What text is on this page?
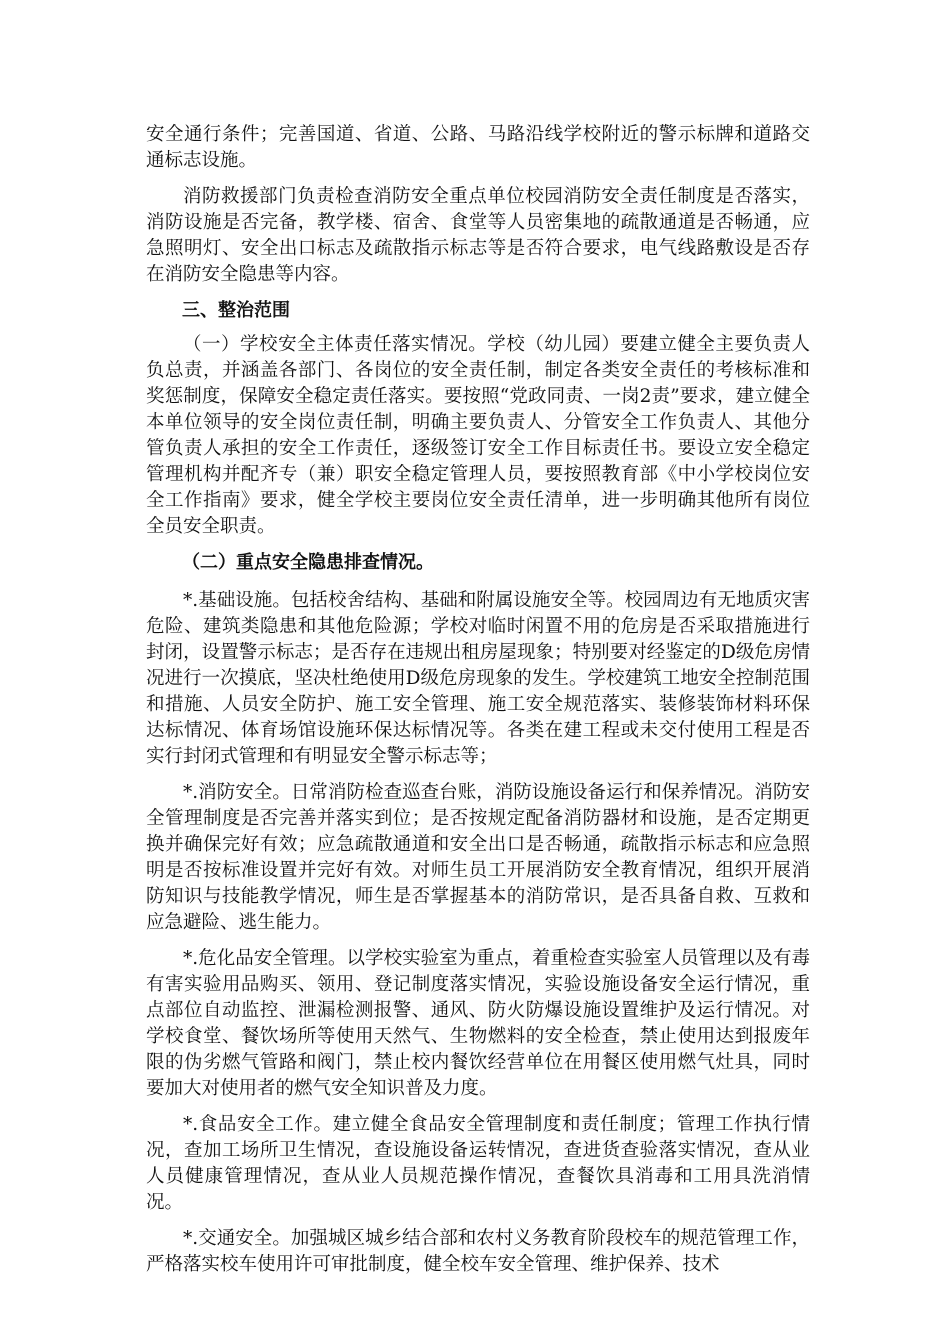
安全通行条件；完善国道、省道、公路、马路沿线学校附近的警示标牌和道路交通标志设施。

消防救援部门负责检查消防安全重点单位校园消防安全责任制度是否落实，消防设施是否完备，教学楼、宿舍、食堂等人员密集地的疏散通道是否畅通，应急照明灯、安全出口标志及疏散指示标志等是否符合要求，电气线路敷设是否存在消防安全隐患等内容。

三、整治范围

（一）学校安全主体责任落实情况。学校（幼儿园）要建立健全主要负责人负总责，并涵盖各部门、各岗位的安全责任制，制定各类安全责任的考核标准和奖惩制度，保障安全稳定责任落实。要按照“党政同责、一岗2责”要求，建立健全本单位领导的安全岗位责任制，明确主要负责人、分管安全工作负责人、其他分管负责人承担的安全工作责任，逐级签订安全工作目标责任书。要设立安全稳定管理机构并配齐专（兼）职安全稳定管理人员，要按照教育部《中小学校岗位安全工作指南》要求，健全学校主要岗位安全责任清单，进一步明确其他所有岗位全员安全职责。

（二）重点安全隐患排查情况。

*.基础设施。包括校舍结构、基础和附属设施安全等。校园周边有无地质灾害危险、建筑类隐患和其他危险源；学校对临时闲置不用的危房是否采取措施进行封闭，设置警示标志；是否存在违规出租房屋现象；特别要对经鉴定的D级危房情况进行一次摸底，坚决杜绝使用D级危房现象的发生。学校建筑工地安全控制范围和措施、人员安全防护、施工安全管理、施工安全规范落实、装修装饰材料环保达标情况、体育场馆设施环保达标情况等。各类在建工程或未交付使用工程是否实行封闭式管理和有明显安全警示标志等；

*.消防安全。日常消防检查巡查台账，消防设施设备运行和保养情况。消防安全管理制度是否完善并落实到位；是否按规定配备消防器材和设施，是否定期更换并确保完好有效；应急疏散通道和安全出口是否畅通，疏散指示标志和应急照明是否按标准设置并完好有效。对师生员工开展消防安全教育情况，组织开展消防知识与技能教学情况，师生是否掌握基本的消防常识，是否具备自救、互救和应急避险、逃生能力。

*.危化品安全管理。以学校实验室为重点，着重检查实验室人员管理以及有毒有害实验用品购买、领用、登记制度落实情况，实验设施设备安全运行情况，重点部位自动监控、泄漏检测报警、通风、防火防爆设施设置维护及运行情况。对学校食堂、餐饮场所等使用天然气、生物燃料的安全检查，禁止使用达到报废年限的伪劣燃气管路和阀门，禁止校内餐饮经营单位在用餐区使用燃气灶具，同时要加大对使用者的燃气安全知识普及力度。

*.食品安全工作。建立健全食品安全管理制度和责任制度；管理工作执行情况，查加工场所卫生情况，查设施设备运转情况，查进货查验落实情况，查从业人员健康管理情况，查从业人员规范操作情况，查餐饮具消毒和工用具洗消情况。

*.交通安全。加强城区城乡结合部和农村义务教育阶段校车的规范管理工作，严格落实校车使用许可审批制度，健全校车安全管理、维护保养、技术
